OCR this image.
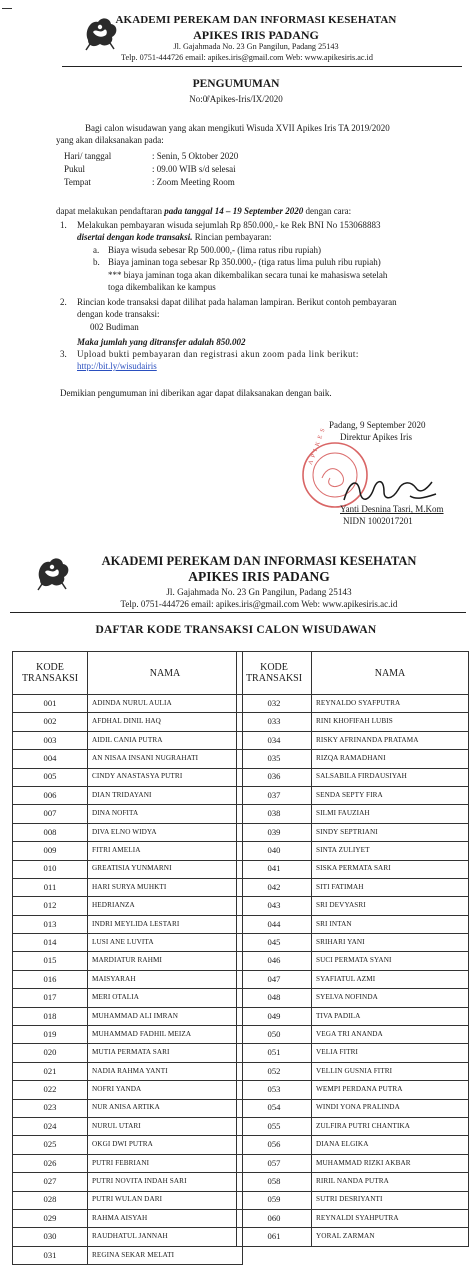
AKADEMI PEREKAM DAN INFORMASI KESEHATAN
APIKES IRIS PADANG
Jl. Gajahmada No. 23 Gn Pangilun, Padang 25143
Telp. 0751-444726 email: apikes.iris@gmail.com Web: www.apikesiris.ac.id
PENGUMUMAN
No:0̸/Apikes-Iris/IX/2020
Bagi calon wisudawan yang akan mengikuti Wisuda XVII Apikes Iris TA 2019/2020
yang akan dilaksanakan pada:
Hari/ tanggal	: Senin, 5 Oktober 2020
Pukul	: 09.00 WIB s/d selesai
Tempat	: Zoom Meeting Room
dapat melakukan pendaftaran pada tanggal 14 – 19 September 2020 dengan cara:
1. Melakukan pembayaran wisuda sejumlah Rp 850.000,- ke Rek BNI No 153068883
disertai dengan kode transaksi. Rincian pembayaran:
a. Biaya wisuda sebesar Rp 500.000,- (lima ratus ribu rupiah)
b. Biaya jaminan toga sebesar Rp 350.000,- (tiga ratus lima puluh ribu rupiah)
*** biaya jaminan toga akan dikembalikan secara tunai ke mahasiswa setelah
toga dikembalikan ke kampus
2. Rincian kode transaksi dapat dilihat pada halaman lampiran. Berikut contoh pembayaran
dengan kode transaksi:
002 Budiman
Maka jumlah yang ditransfer adalah 850.002
3. Upload bukti pembayaran dan registrasi akun zoom pada link berikut:
http://bit.ly/wisudairis
Demikian pengumuman ini diberikan agar dapat dilaksanakan dengan baik.
Padang, 9 September 2020
Direktur Apikes Iris
A P I K E S
Yanti Desnina Tasri, M.Kom
NIDN 1002017201
AKADEMI PEREKAM DAN INFORMASI KESEHATAN
APIKES IRIS PADANG
Jl. Gajahmada No. 23 Gn Pangilun, Padang 25143
Telp. 0751-444726 email: apikes.iris@gmail.com Web: www.apikesiris.ac.id
DAFTAR KODE TRANSAKSI CALON WISUDAWAN
KODE
TRANSAKSI	NAMA
001	ADINDA NURUL AULIA
002	AFDHAL DINIL HAQ
003	AIDIL CANIA PUTRA
004	AN NISAA INSANI NUGRAHATI
005	CINDY ANASTASYA PUTRI
006	DIAN TRIDAYANI
007	DINA NOFITA
008	DIVA ELNO WIDYA
009	FITRI AMELIA
010	GREATISIA YUNMARNI
011	HARI SURYA MUHKTI
012	HEDRIANZA
013	INDRI MEYLIDA LESTARI
014	LUSI ANE LUVITA
015	MARDIATUR RAHMI
016	MAISYARAH
017	MERI OTALIA
018	MUHAMMAD ALI IMRAN
019	MUHAMMAD FADHIL MEIZA
020	MUTIA PERMATA SARI
021	NADIA RAHMA YANTI
022	NOFRI YANDA
023	NUR ANISA ARTIKA
024	NURUL UTARI
025	OKGI DWI PUTRA
026	PUTRI FEBRIANI
027	PUTRI NOVITA INDAH SARI
028	PUTRI WULAN DARI
029	RAHMA AISYAH
030	RAUDHATUL JANNAH
031	REGINA SEKAR MELATI
KODE
TRANSAKSI	NAMA
032	REYNALDO SYAFPUTRA
033	RINI KHOFIFAH LUBIS
034	RISKY AFRINANDA PRATAMA
035	RIZQA RAMADHANI
036	SALSABILA FIRDAUSIYAH
037	SENDA SEPTY FIRA
038	SILMI FAUZIAH
039	SINDY SEPTRIANI
040	SINTA ZULIYET
041	SISKA PERMATA SARI
042	SITI FATIMAH
043	SRI DEVYASRI
044	SRI INTAN
045	SRIHARI YANI
046	SUCI PERMATA SYANI
047	SYAFIATUL AZMI
048	SYELVA NOFINDA
049	TIVA PADILA
050	VEGA TRI ANANDA
051	VELIA FITRI
052	VELLIN GUSNIA FITRI
053	WEMPI PERDANA PUTRA
054	WINDI YONA PRALINDA
055	ZULFIRA PUTRI CHANTIKA
056	DIANA ELGIKA
057	MUHAMMAD RIZKI AKBAR
058	RIRIL NANDA PUTRA
059	SUTRI DESRIYANTI
060	REYNALDI SYAHPUTRA
061	YORAL ZARMAN
